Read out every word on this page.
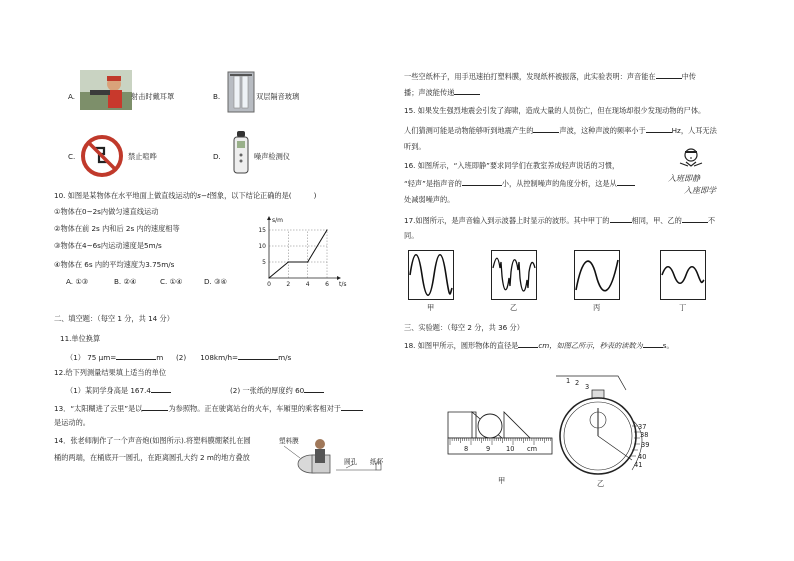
A.	射击时戴耳罩	B.	双层隔音玻璃
C.	禁止喧哗	D.	噪声检测仪
10. 如图是某物体在水平地面上做直线运动的s−t图象，以下结论正确的是(	)
①物体在0~2s内做匀速直线运动
②物体在前 2s 内和后 2s 内的速度相等
③物体在4~6s内运动速度是5m/s
④物体在 6s 内的平均速度为3.75m/s
A. ①③	B. ②④	C. ①④	D. ③④	0	2	4	6
5
10
15
s/m
t/s
二、填空题：（每空 1 分，共 14 分）
11.单位换算
（1） 75 μm=	m (2) 108km/h=	m/s
12.给下列测量结果填上适当的单位
（1）某同学身高是 167.4	(2) 一张纸的厚度约 60
13．“太阳糊进了云里”是以	为参照物。正在驶离站台的火车，车厢里的乘客相对于
是运动的。
14．张老师制作了一个声音炮(如图所示).将塑料膜绷紧扎在圆
桶的两端，在桶底开一圆孔，在距离圆孔大约 2 m的地方叠放
塑料膜
圆孔 纸杯
一些空纸杯子，用手迅速拍打塑料膜，发现纸杯被振落，此实验表明：声音能在	中传
播；声波能传递
15. 如果发生强烈地震会引发了海啸，造成大量的人员伤亡，但在现场却很少发现动物的尸体。
人们猜测可能是动物能够听到地震产生的	声波，这种声波的频率小于	Hz，人耳无法
听到。
16. 如图所示，“入班即静”要求同学们在教室养成轻声说话的习惯，
“轻声”是指声音的	小，从控制噪声的角度分析，这是从
处减弱噪声的。
入班即静
入座即学
17.如图所示，是声音输入到示波器上时显示的波形。其中甲丁的	相同，甲、乙的	不
同。
甲	乙	丙	丁
三、实验题：（每空 2 分，共 36 分）
18. 如图甲所示，圆形物体的直径是	cm，如图乙所示，秒表的读数为	s。
8	9 10 cm
甲
1 2 3
37
38
39
40
41
乙
